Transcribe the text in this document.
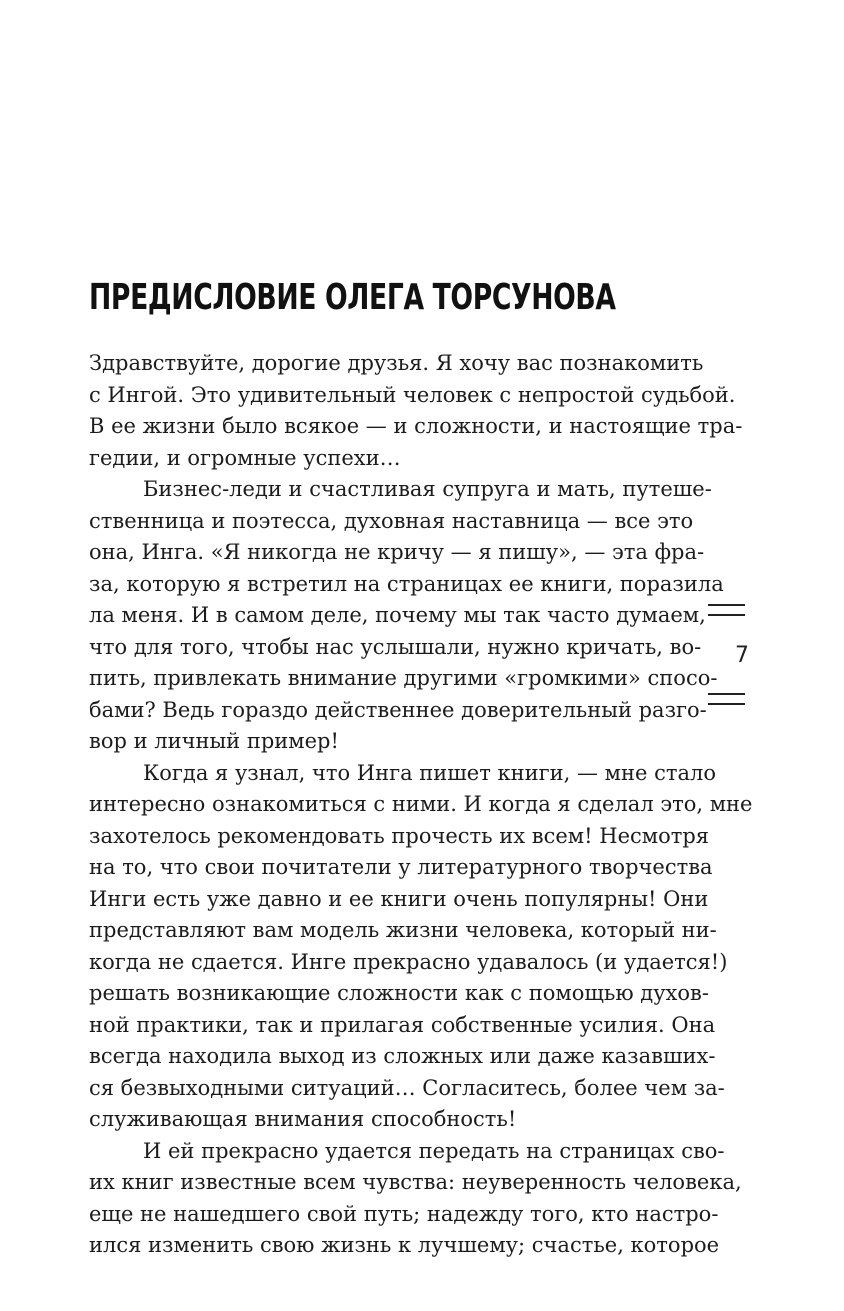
ПРЕДИСЛОВИЕ ОЛЕГА ТОРСУНОВА
Здравствуйте, дорогие друзья. Я хочу вас познакомить
с Ингой. Это удивительный человек с непростой судьбой.
В ее жизни было всякое — и сложности, и настоящие тра-
гедии, и огромные успехи…
Бизнес-леди и счастливая супруга и мать, путеше-
ственница и поэтесса, духовная наставница — все это
она, Инга. «Я никогда не кричу — я пишу», — эта фра-
за, которую я встретил на страницах ее книги, поразила
ла меня. И в самом деле, почему мы так часто думаем,
что для того, чтобы нас услышали, нужно кричать, во-
пить, привлекать внимание другими «громкими» спосо-
бами? Ведь гораздо действеннее доверительный разго-
вор и личный пример!
Когда я узнал, что Инга пишет книги, — мне стало
интересно ознакомиться с ними. И когда я сделал это, мне
захотелось рекомендовать прочесть их всем! Несмотря
на то, что свои почитатели у литературного творчества
Инги есть уже давно и ее книги очень популярны! Они
представляют вам модель жизни человека, который ни-
когда не сдается. Инге прекрасно удавалось (и удается!)
решать возникающие сложности как с помощью духов-
ной практики, так и прилагая собственные усилия. Она
всегда находила выход из сложных или даже казавших-
ся безвыходными ситуаций… Согласитесь, более чем за-
служивающая внимания способность!
И ей прекрасно удается передать на страницах сво-
их книг известные всем чувства: неуверенность человека,
еще не нашедшего свой путь; надежду того, кто настро-
ился изменить свою жизнь к лучшему; счастье, которое
7
